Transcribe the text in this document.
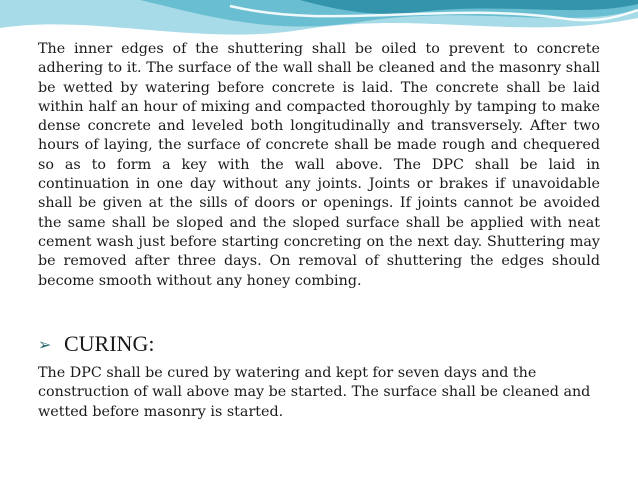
The inner edges of the shuttering shall be oiled to prevent to concrete adhering to it. The surface of the wall shall be cleaned and the masonry shall be wetted by watering before concrete is laid. The concrete shall be laid within half an hour of mixing and compacted thoroughly by tamping to make dense concrete and leveled both longitudinally and transversely. After two hours of laying, the surface of concrete shall be made rough and chequered so as to form a key with the wall above. The DPC shall be laid in continuation in one day without any joints. Joints or brakes if unavoidable shall be given at the sills of doors or openings. If joints cannot be avoided the same shall be sloped and the sloped surface shall be applied with neat cement wash just before starting concreting on the next day. Shuttering may be removed after three days. On removal of shuttering the edges should become smooth without any honey combing.

➢ CURING:

The DPC shall be cured by watering and kept for seven days and the construction of wall above may be started. The surface shall be cleaned and wetted before masonry is started.
